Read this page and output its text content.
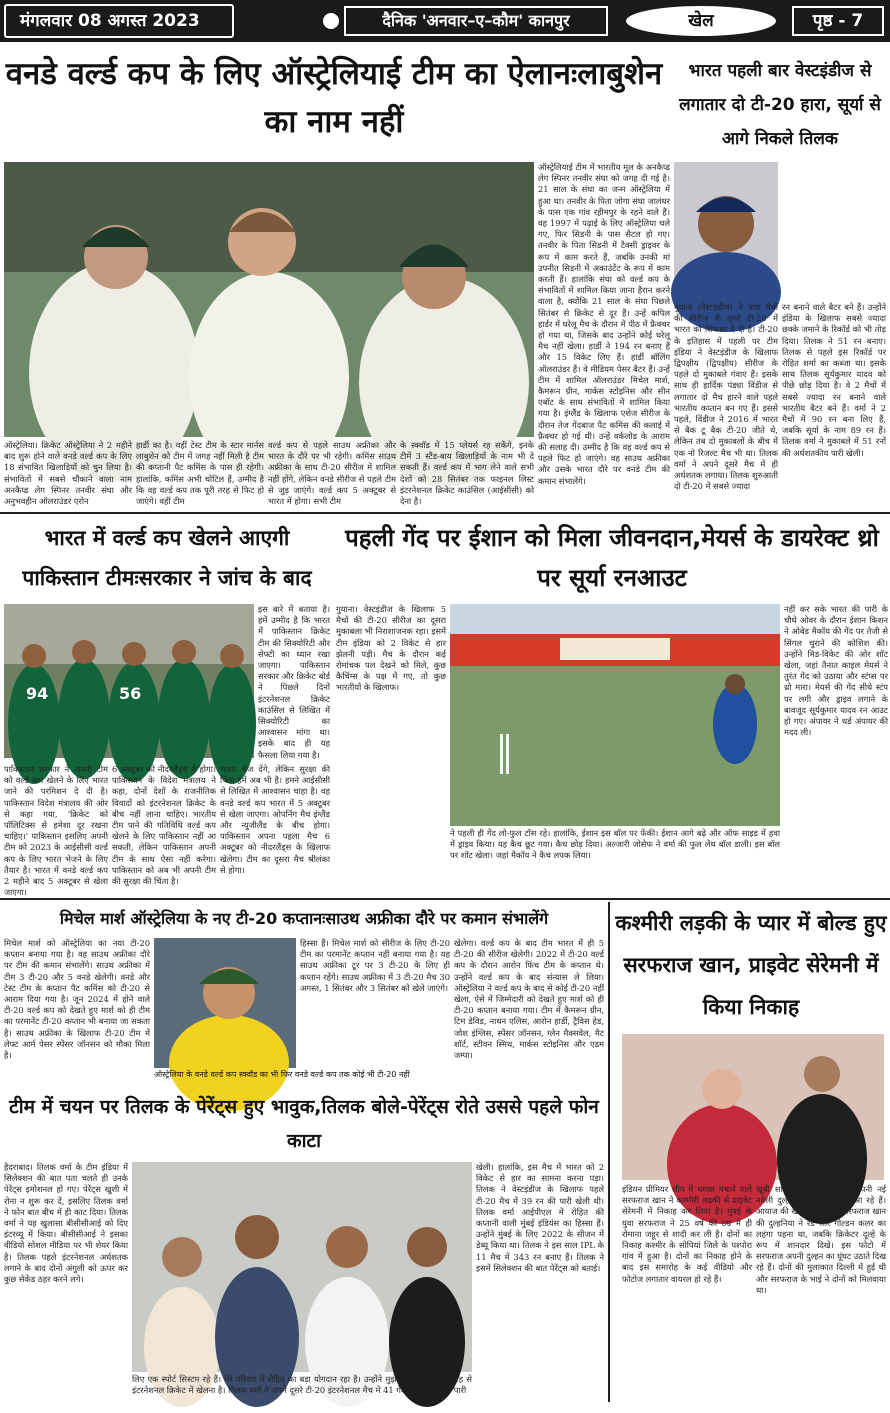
मंगलवार 08 अगस्त 2023	दैनिक 'अनवार–ए–कौम' कानपुर	खेल	पृष्ठ - 7
वनडे वर्ल्ड कप के लिए ऑस्ट्रेलियाई टीम का ऐलानःलाबुशेन का नाम नहीं
ऑस्ट्रेलियाई टीम में भारतीय मूल के अनकैप्ड लेग स्पिनर तनवीर संघा को जगह दी गई है। 21 साल के संघा का जन्म ऑस्ट्रेलिया में हुआ था। तनवीर के पिता जोगा संघा जालंधर के पास एक गांव रहीमपुर के रहने वाले हैं। वह 1997 में पढ़ाई के लिए ऑस्ट्रेलिया चले गए, फिर सिडनी के पास सैटल हो गए। तनवीर के पिता सिडनी में टैक्सी ड्राइवर के रूप में काम करते हैं, जबकि उनकी मां उपनीत सिडनी में अकाउंटेंट के रूप में काम करती हैं। हालांकि संघा को वर्ल्ड कप के संभावितों में शामिल किया जाना हैरान करने वाला है, क्योंकि 21 साल के संघा पिछले सितंबर से क्रिकेट से दूर हैं। उन्हें कपिल हार्डर में घरेलू मैच के दौरान में पीठ में फ्रैक्चर हो गया था, जिसके बाद उन्होंने कोई घरेलू मैच नहीं खेला। हार्डी ने 194 रन बनाए हैं और 15 विकेट लिए हैं। हार्डी बॉलिंग ऑलराउंडर हैं। वे मीडियम पेसर बैटर हैं। उन्हें टीम में शामिल ऑलराउंडर मिचेल मार्श, कैमरून ग्रीन, मार्कस स्टोइनिस और सीन एबॉट के साथ संभावितों में शामिल किया गया है। इंग्लैंड के खिलाफ एशेज सीरीज के दौरान तेज गेंदबाज पैट कमिंस की कलाई में फ्रैक्चर हो गई थी। उन्हें वर्कलोड के आराम की सलाह दी। उम्मीद है कि वह वर्ल्ड कप से पहले फिट हो जाएंगे। वह साउथ अफ्रीका और उसके भारत दौरे पर वनडे टीम की कमान संभालेंगे।
ऑस्ट्रेलिया। क्रिकेट ऑस्ट्रेलिया ने 2 महीने बाद शुरू होने वाले वनडे वर्ल्ड कप के लिए 18 संभावित खिलाड़ियों को चुन लिया है। संभावितों में सबसे चौंकाने वाला नाम अनकैप्ड लेग स्पिनर तनवीर संघा और अनुभवहीन ऑलराउंडर एरोन
हार्डी का है। वहीं टेस्ट टीम के स्टार मार्नस लाबुशेन को टीम में जगह नहीं मिली है टीम की कप्तानी पैट कमिंस के पास ही रहेगी। हालांकि, कमिंस अभी चोटिल हैं, उम्मीद है कि वह वर्ल्ड कप तक पूरी तरह से फिट हो जाएंगे। वहीं टीम
वर्ल्ड कप से पहले साउथ अफ्रीका और भारत के दौरे पर भी रहेगी। कमिंस साउथ अफ्रीका के साथ टी-20 सीरीज में शामिल नहीं होंगे, लेकिन वनडे सीरीज से पहले टीम से जुड़ जाएंगे। वर्ल्ड कप 5 अक्टूबर से भारत में होगा। सभी टीम
के स्क्वॉड में 15 प्लेयर्स रह सकेंगे, इनके टीमें 3 स्टैंड-बाय खिलाड़ियों के नाम भी दे सकती हैं। वर्ल्ड कप में भाग लेने वाले सभी देशों को 28 सितंबर तक फाइनल लिस्ट इंटरनेशनल क्रिकेट काउंसिल (आईसीसी) को देना है।
भारत पहली बार वेस्टइंडीज से लगातार दो टी-20 हारा, सूर्या से आगे निकले तिलक
गुयाना (वेस्टइंडीज) ने पांच मैचों की सीरीज के दूसरे टी-20 में भारत को शिकस्त दे दी है। टी-20 के इतिहास में पहली पर टीम इंडिया ने वेस्टइंडीज के खिलाफ द्विपक्षीय (द्विपक्षीय) सीरीज के पहले दो मुकाबले गंवाए हैं। इसके साथ ही हार्दिक पंड्या विंडीज से लगातार दो मैच हारने वाले पहले भारतीय कप्तान बन गए हैं। इससे पहले, विंडीज ने 2016 में भारत से बैक टू बैक टी-20 जीते थे, लेकिन तब दो मुकाबलों के बीच में एक नो रिजल्ट मैच भी था। तिलक वर्मा ने अपने दूसरे मैच में ही अर्धशतक लगाया। तिलक शुरुआती दो टी-20 में सबसे ज्यादा
रन बनाने वाले बैटर बने हैं। उन्होंने इंडिया के खिलाफ सबसे ज्यादा छक्के जमाने के रिकॉर्ड को भी तोड़ दिया। तिलक ने 51 रन बनाए। तिलक से पहले इस रिकॉर्ड पर रोहित शर्मा का कब्जा था। इसके साथ तिलक सूर्यकुमार यादव को पीछे छोड़ दिया है। वे 2 मैचों में सबसे ज्यादा रन बनाने वाले भारतीय बैटर बने हैं। वर्मा ने 2 मैचों में 90 रन बना लिए हैं, जबकि सूर्या के नाम 89 रन हैं। तिलक वर्मा ने मुकाबले में 51 रनों की अर्धशतकीय पारी खेली।
भारत में वर्ल्ड कप खेलने आएगी पाकिस्तान टीमःसरकार ने जांच के बाद
94	56
इस बारे में बताया है। हमें उम्मीद है कि भारत में पाकिस्तान क्रिकेट टीम की सिक्योरिटी और सेफ्टी का ध्यान रखा जाएगा। पाकिस्तान सरकार और क्रिकेट बोर्ड ने पिछले दिनों इंटरनेशनल क्रिकेट काउंसिल से लिखित में सिक्योरिटी का आश्वासन मांगा था। इसके बाद ही यह फैसला लिया गया है।
पाकिस्तान सरकार ने अपनी टीम को वर्ल्ड कप खेलने के लिए भारत जाने की परमिशन दे दी है। पाकिस्तान विदेश मंत्रालय की ओर से कहा गया, 'क्रिकेट को पॉलिटिक्स से हमेशा दूर रखना चाहिए।' पाकिस्तान इसलिए अपनी टीम को 2023 के आईसीसी वर्ल्ड कप के लिए भारत भेजने के लिए तैयार है। भारत में वनडे वर्ल्ड कप 2 महीने बाद 5 अक्टूबर से खेला जाएगा।
6 अक्टूबर को नीदरलैंड्स से होगा। पाकिस्तान के विदेश मंत्रालय ने कहा, दोनों देशों के राजनीतिक विवादों को इंटरनेशनल क्रिकेट के बीच नहीं लाना चाहिए। भारतीय टीम पाने की गतिविधि वर्ल्ड कप खेलने के लिए पाकिस्तान नहीं आ सकती, लेकिन पाकिस्तान अपनी टीम के साथ ऐसा नहीं करेगा। पाकिस्तान को अब भी अपनी टीम की सुरक्षा की चिंता है।
भारत भेज देंगे, लेकिन सुरक्षा की चिंता हमें अब भी है। हमने आईसीसी से लिखित में आश्वासन चाहा है। वह वनडे वर्ल्ड कप भारत में 5 अक्टूबर से खेला जाएगा। ओपनिंग मैच इंग्लैंड और न्यूजीलैंड के बीच होगा। पाकिस्तान अपना पहला मैच 6 अक्टूबर को नीदरलैंड्स के खिलाफ खेलेगा। टीम का दूसरा मैच श्रीलंका से होगा।
गुयाना। वेस्टइंडीज के खिलाफ 5 मैचों की टी-20 सीरीज का दूसरा मुकाबला भी निराशाजनक रहा। इसमें टीम इंडिया को 2 विकेट से हार झेलनी पड़ी। मैच के दौरान कई रोमांचक पल देखने को मिले, कुछ कैचिंग्स के पक्ष में गए, तो कुछ भारतीयों के खिलाफ।
पहली गेंद पर ईशान को मिला जीवनदान,मेयर्स के डायरेक्ट थ्रो पर सूर्या रनआउट
ने पहली ही गेंद लो-फुल टॉस रहे। हालांकि, ईशान इस बॉल पर फेंकी। ईशान आगे बढ़े और ऑफ साइड में हवा में ड्राइव किया। यह कैच छूट गया। कैच छोड़ दिया। अल्जारी जोसेफ ने वर्मा की फुल लेंथ बॉल डाली। इस बॉल पर शॉट खेला। जहां मैकॉय ने कैच लपक लिया।
नहीं कर सके भारत की पारी के चौथे ओवर के दौरान ईशान किशन ने ओबेड मैकॉय की गेंद पर तेजी से सिंगल चुराने की कोशिश की। उन्होंने मिड-विकेट की ओर शॉट खेला, जहां तैनात काइल मेयर्स ने तुरंत गेंद को उठाया और स्टंप्स पर थ्रो मारा। मेयर्स की गेंद सीधे स्टंप पर लगी और ड्राइव लगाने के बावजूद सूर्यकुमार यादव रन आउट हो गए। अंपायर ने थर्ड अंपायर की मदद ली।
मिचेल मार्श ऑस्ट्रेलिया के नए टी-20 कप्तानःसाउथ अफ्रीका दौरे पर कमान संभालेंगे
मिचेल मार्श को ऑस्ट्रेलिया का नया टी-20 कप्तान बनाया गया है। वह साउथ अफ्रीका दौरे पर टीम की कमान संभालेंगे। साउथ अफ्रीका में टीम 3 टी-20 और 5 वनडे खेलेगी। वनडे और टेस्ट टीम के कप्तान पैट कमिंस को टी-20 से आराम दिया गया है। जून 2024 में होने वाले टी-20 वर्ल्ड कप को देखते हुए मार्श को ही टीम का परमानेंट टी-20 कप्तान भी बनाया जा सकता है। साउथ अफ्रीका के खिलाफ टी-20 टीम में लेफ्ट आर्म पेसर स्पेंसर जॉनसन को मौका मिला है।
ऑस्ट्रेलिया के वनडे वर्ल्ड कप स्क्वॉड का भी फिर वनडे वर्ल्ड कप तक कोई भी टी-20 नहीं
हिस्सा हैं। मिचेल मार्श को सीरीज के लिए टी-20 टीम का परमानेंट कप्तान नहीं बनाया गया है। यह साउथ अफ्रीका टूर पर 3 टी-20 के लिए ही कप्तान रहेंगे। साउथ अफ्रीका में 3 टी-20 मैच 30 अगस्त, 1 सितंबर और 3 सितंबर को खेले जाएंगे।
खेलेगा। वर्ल्ड कप के बाद टीम भारत में ही 5 टी-20 की सीरीज खेलेगी। 2022 में टी-20 वर्ल्ड कप के दौरान आरोन फिंच टीम के कप्तान थे। उन्होंने वर्ल्ड कप के बाद संन्यास ले लिया। ऑस्ट्रेलिया ने वर्ल्ड कप के बाद से कोई टी-20 नहीं खेला, ऐसे में जिम्मेदारी को देखते हुए मार्श को ही टी-20 कप्तान बनाया गया। टीम में कैमरून ग्रीन, टिम डेविड, नाथन एलिस, आरोन हार्डी, ट्रैविस हेड, जोश इंग्लिस, स्पेंसर जॉनसन, ग्लेन मैक्सवेल, मैट शॉर्ट, स्टीवन स्मिथ, मार्कस स्टोइनिस और एडम जम्पा।
कश्मीरी लड़की के प्यार में बोल्ड हुए सरफराज खान, प्राइवेट सेरेमनी में किया निकाह
इंडियन प्रीमियर लीग में धमाल मचाने वाले सरफराज खान ने कश्मीरी लड़की से प्राइवेट सेरेमनी में निकाह कर लिया है। मुंबई के युवा सरफराज ने 25 वर्ष की उम्र में ही रोमाना जहूर से शादी कर ली है। दोनों का निकाह कश्मीर के सोपियां जिले के पश्पोरा गांव में हुआ है। दोनों का निकाह होने के बाद इस समारोह के कई वीडियो और फोटोज लगातार वायरल हो रहे हैं।
खूबी साझा की है। इसमें वो अपनी नई नवेली दुल्हनिया के साथ नजर आ रहे हैं। आयाज की खबर के अनुसार सरफराज खान की दुल्हनिया ने रेड और गोल्डन कलर का लहंगा पहना था, जबकि क्रिकेटर दूल्हे के रूप में शानदार दिखे। इस फोटो में सरफराज अपनी दुल्हन का घूंघट उठाते दिख रहे हैं। दोनों की मुलाकात दिल्ली में हुई थी और सरफराज के भाई ने दोनों को मिलवाया था।
टीम में चयन पर तिलक के पेरेंट्स हुए भावुक,तिलक बोले-पेरेंट्स रोते उससे पहले फोन काटा
हैदराबाद। तिलक वर्मा के टीम इंडिया में सिलेक्शन की बात पता चलते ही उनके पेरेंट्स इमोशनल हो गए। पेरेंट्स खुशी में रोना न शुरू कर दें, इसलिए तिलक वर्मा ने फोन बात बीच में ही काट दिया। तिलक वर्मा ने यह खुलासा बीसीसीआई को दिए इंटरव्यू में किया। बीसीसीआई ने इसका वीडियो सोशल मीडिया पर भी शेयर किया है। तिलक पहले इंटरनेशनल अर्धशतक लगाने के बाद दोनों अंगुली को ऊपर कर कुछ सेकेंड ठहर करने लगे।
लिए एक स्पोर्ट सिस्टम रहे हैं। मेरे परिवार में रोहित का बड़ा योगदान रहा है। उन्होंने मुझे बताया कि किस तरह से इंटरनेशनल क्रिकेट में खेलना है। तिलक वर्मा ने अपने दूसरे टी-20 इंटरनेशनल मैच में 41 गेंद पर 51 रन की पारी
खेली। हालांकि, इस मैच में भारत को 2 विकेट से हार का सामना करना पड़ा। तिलक ने वेस्टइंडीज के खिलाफ पहले टी-20 मैच में 39 रन की पारी खेली थी। तिलक वर्मा आईपीएल में रोहित की कप्तानी वाली मुंबई इंडियंस का हिस्सा हैं। उन्होंने मुंबई के लिए 2022 के सीजन में डेब्यू किया था। तिलक ने इस साल IPL के 11 मैच में 343 रन बनाए हैं। तिलक ने इसमें सिलेक्शन की बात पेरेंट्स को बताई।
